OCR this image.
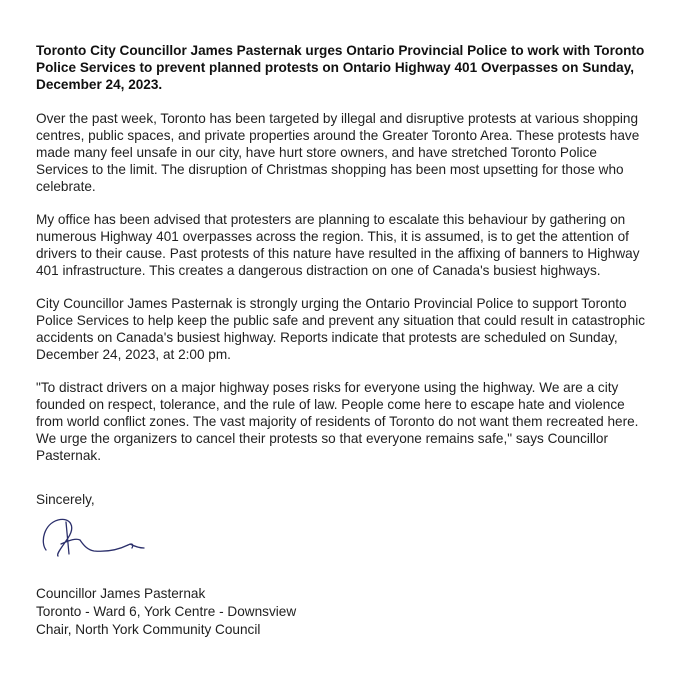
Toronto City Councillor James Pasternak urges Ontario Provincial Police to work with Toronto Police Services to prevent planned protests on Ontario Highway 401 Overpasses on Sunday, December 24, 2023.

Over the past week, Toronto has been targeted by illegal and disruptive protests at various shopping centres, public spaces, and private properties around the Greater Toronto Area. These protests have made many feel unsafe in our city, have hurt store owners, and have stretched Toronto Police Services to the limit. The disruption of Christmas shopping has been most upsetting for those who celebrate.

My office has been advised that protesters are planning to escalate this behaviour by gathering on numerous Highway 401 overpasses across the region. This, it is assumed, is to get the attention of drivers to their cause. Past protests of this nature have resulted in the affixing of banners to Highway 401 infrastructure. This creates a dangerous distraction on one of Canada's busiest highways.

City Councillor James Pasternak is strongly urging the Ontario Provincial Police to support Toronto Police Services to help keep the public safe and prevent any situation that could result in catastrophic accidents on Canada's busiest highway. Reports indicate that protests are scheduled on Sunday, December 24, 2023, at 2:00 pm.

"To distract drivers on a major highway poses risks for everyone using the highway. We are a city founded on respect, tolerance, and the rule of law. People come here to escape hate and violence from world conflict zones. The vast majority of residents of Toronto do not want them recreated here. We urge the organizers to cancel their protests so that everyone remains safe," says Councillor Pasternak.

Sincerely,
Councillor James Pasternak
Toronto - Ward 6, York Centre - Downsview
Chair, North York Community Council
